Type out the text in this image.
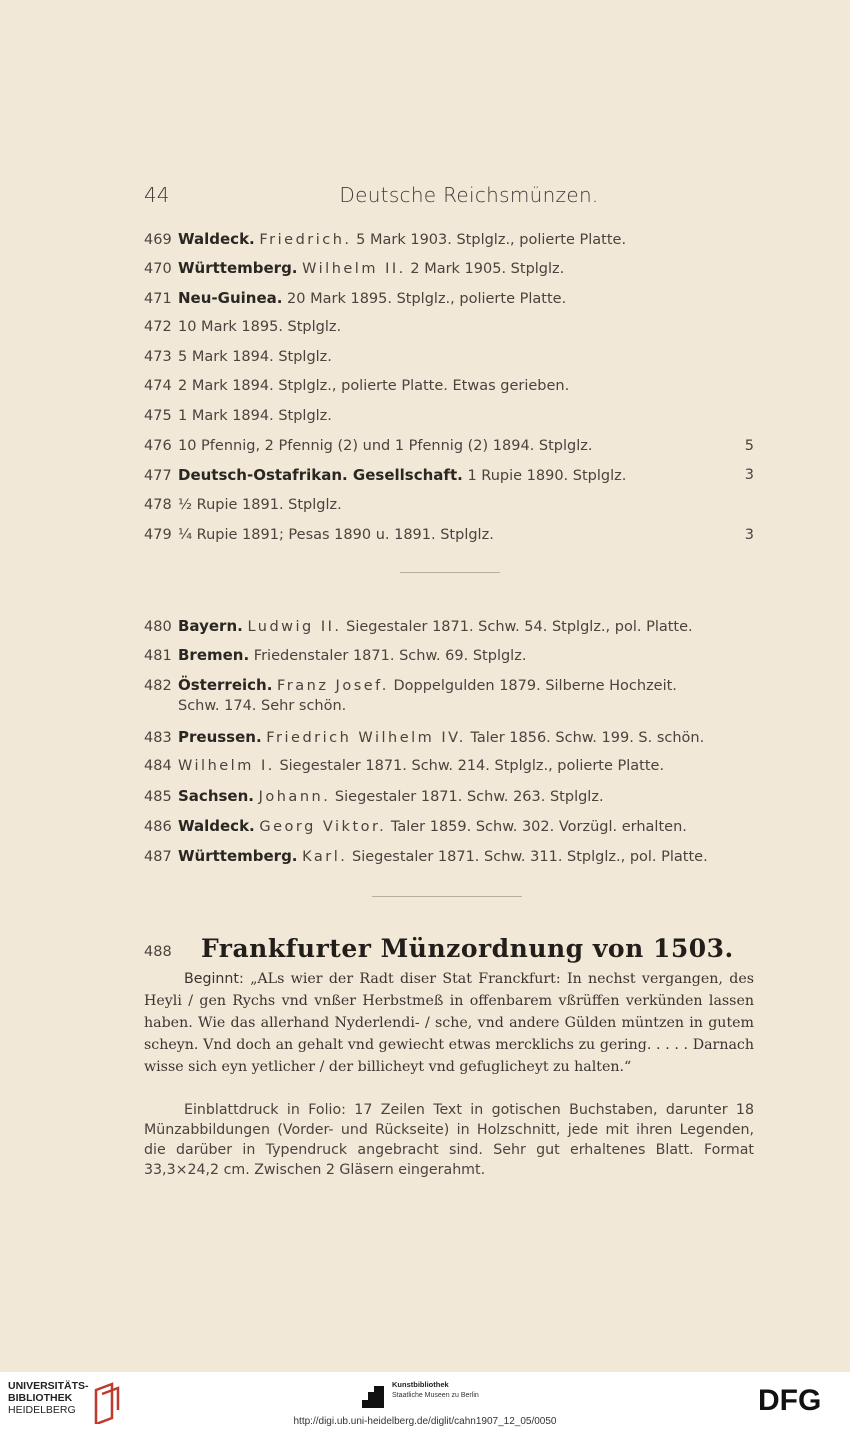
44	Deutsche Reichsmünzen.
469 Waldeck. Friedrich. 5 Mark 1903. Stplglz., polierte Platte.
470 Württemberg. Wilhelm II. 2 Mark 1905. Stplglz.
471 Neu-Guinea. 20 Mark 1895. Stplglz., polierte Platte.
472 10 Mark 1895. Stplglz.
473 5 Mark 1894. Stplglz.
474 2 Mark 1894. Stplglz., polierte Platte. Etwas gerieben.
475 1 Mark 1894. Stplglz.
476 10 Pfennig, 2 Pfennig (2) und 1 Pfennig (2) 1894. Stplglz.	5
477 Deutsch-Ostafrikan. Gesellschaft. 1 Rupie 1890. Stplglz.	3
478 ½ Rupie 1891. Stplglz.
479 ¼ Rupie 1891; Pesas 1890 u. 1891. Stplglz.	3
480 Bayern. Ludwig II. Siegestaler 1871. Schw. 54. Stplglz., pol. Platte.
481 Bremen. Friedenstaler 1871. Schw. 69. Stplglz.
482 Österreich. Franz Josef. Doppelgulden 1879. Silberne Hochzeit.
Schw. 174. Sehr schön.
483 Preussen. Friedrich Wilhelm IV. Taler 1856. Schw. 199. S. schön.
484 Wilhelm I. Siegestaler 1871. Schw. 214. Stplglz., polierte Platte.
485 Sachsen. Johann. Siegestaler 1871. Schw. 263. Stplglz.
486 Waldeck. Georg Viktor. Taler 1859. Schw. 302. Vorzügl. erhalten.
487 Württemberg. Karl. Siegestaler 1871. Schw. 311. Stplglz., pol. Platte.
488 Frankfurter Münzordnung von 1503.
Beginnt: „ALs wier der Radt diser Stat Franckfurt: In nechst vergangen, des Heyli / gen Rychs vnd vnßer Herbstmeß in offenbarem vßrüffen verkünden lassen haben. Wie das allerhand Nyderlendi- / sche, vnd andere Gülden müntzen in gutem scheyn. Vnd doch an gehalt vnd gewiecht etwas mercklichs zu gering. . . . . Darnach wisse sich eyn yetlicher / der billicheyt vnd gefuglicheyt zu halten.“
Einblattdruck in Folio: 17 Zeilen Text in gotischen Buchstaben, darunter 18 Münzabbildungen (Vorder- und Rückseite) in Holzschnitt, jede mit ihren Legenden, die darüber in Typendruck angebracht sind. Sehr gut erhaltenes Blatt. Format 33,3×24,2 cm. Zwischen 2 Gläsern eingerahmt.
UNIVERSITÄTS-
BIBLIOTHEK
HEIDELBERG
Kunstbibliothek
Staatliche Museen zu Berlin	DFG
http://digi.ub.uni-heidelberg.de/diglit/cahn1907_12_05/0050
